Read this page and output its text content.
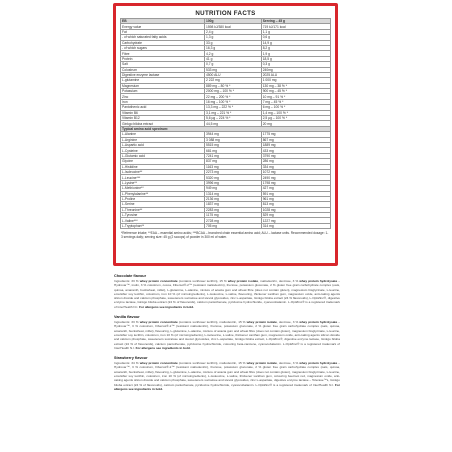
NUTRITION FACTS
ЕВ	100g	Serving – 45 g
Energy value	1598 kJ/380 kcal	719 kJ/171 kcal
Fat	2,4 g	1,1 g
- of which saturated fatty acids	1,3 g	0,6 g
Carbohydrate	33 g	14,9 g
- of which sugars	16,3 g	8,2 g
Fibre	4,2 g	1,9 g
Protein	41 g	18,5 g
Salt	0,7 g	0,3 g
Colostrum	533 mg	240mg
Digestive enzyme lactase	4500 ALU	2025 ALU
L-glutamine	2 222 mg	1 000 mg
Magnesium	889 mg – 80 % *	130 mg – 38 % *
Potassium	2000 mg – 100 % *	900 mg – 45 % *
Zinc	22 mg – 200 % *	10 mg – 91 % *
Iron	16 mg – 100 % *	7 mg – 45 % *
Pantothenic acid	13,3 mg – 222 % *	6 mg – 100 % *
Vitamin B6	3,1 mg – 221 % *	1,4 mg – 100 % *
Vitamin B12	5,6 µg – 224 % *	2,5 µg – 100 % *
Ginkgo biloba extract	44,5 mg	20 mg
Typical amino acid spectrum:		
L-Alanine	3944 mg	1775 mg
L-Arginine	3 088 mg	867 mg
L-Aspartic acid	5515 mg	1889 mg
L-Cysteine	681 mg	433 mg
L-Glutamic acid	7241 mg	3790 mg
Glycine	837 mg	286 mg
L-Histidine	1163 mg	334 mg
L-Isoleucine**	2273 mg	1072 mg
L-Leucine***	5320 mg	2490 mg
L-Lysine**	3996 mg	1798 mg
L-Methionine**	949 mg	427 mg
L-Phenylalanine**	1314 mg	591 mg
L-Proline	2136 mg	961 mg
L-Serine	1837 mg	813 mg
L-Threonine**	2283 mg	1028 mg
L-Tyrosine	1175 mg	529 mg
L-Valine***	2728 mg	1227 mg
L-Tryptophan**	705 mg	314 mg
*Reference intake; **EAA – essential amino acids; ***BCAA – branched chain essential amino acid; ALU – lactase units. Recommended dosage: 1-3 servings daily; serving size: 45 g (2 scoops) of powder in 300 ml of water.
Chocolate flavour
Ingredients: 33 % whey protein concentrate (contains sunflower lecithin), 15 % whey protein isolate, maltodextrin, dextrose, 3 % whey protein hydrolysate – Hydrovar™, inulin, 3 % colostrum, cocoa, Fibersol®-2™ (resistant maltodextrin), fructose, potassium gluconate, 2 % gluten free grain carbohydrate complex (oats, quinoa, amaranth, buckwheat, millet), L-glutamine, L-alanine, mixture of acacia gum and wheat fibre (does not contain gluten), magnesium bisglycinate, L-leucine, emulsifier soy lecithin, colostrum, iron 10 % (of microingredients), L-isoleucine, L-valine, flavouring, thickener xanthan gum, magnesium oxide, anti-caking agents silicon dioxide and calcium phosphate, sweeteners sucralose and steviol glycosides, zinc L-aspartate, Ginkgo biloba extract (24 % flavonoids), L-OptiZinc®, digestive enzyme lactase, Ginkgo biloba extract (24 % of flavonoids), calcium pantothenate, pyridoxine hydrochloride, cyanocobalamin. L-OptiZinc® is a registered trademark of InterHealth N.I. For allergens see ingredients in bold.
Vanilla flavour
Ingredients: 33 % whey protein concentrate (contains sunflower lecithin), maltodextrin, 15 % whey protein isolate, dextrose, 3 % whey protein hydrolysate – Hydrovar™, 3 % colostrum, Fibersol®-2™ (resistant maltodextrin), fructose, potassium gluconate, 2 % gluten free grain carbohydrate complex (oats, quinoa, amaranth, buckwheat, millet), flavouring, L-glutamine, L-alanine, mixture of acacia gum and wheat fibre (does not contain gluten), magnesium bisglycinate, L-leucine, emulsifier soy lecithin, colostrum, iron 10 % (of microingredients), L-isoleucine, L-valine, thickener xanthan gum, magnesium oxide, anti-caking agents silicon dioxide and calcium phosphate, sweeteners sucralose and steviol glycosides, zinc L-aspartate, Ginkgo biloba extract, L-OptiZinc®, digestive enzyme lactase, Ginkgo biloba extract (24 % of flavonoids), calcium pantothenate, pyridoxine hydrochloride, colouring beta-carotene, cyanocobalamin. L-OptiZinc® is a registered trademark of InterHealth N.I. For allergens see ingredients in bold.
Strawberry flavour
Ingredients: 34 % whey protein concentrate (contains sunflower lecithin), maltodextrin, 15 % whey protein isolate, dextrose, 3 % whey protein hydrolysate – Hydrovar™, 3 % colostrum, Fibersol®-2™ (resistant maltodextrin), fructose, potassium gluconate, 2 % gluten free grain carbohydrate complex (oats, quinoa, amaranth, buckwheat, millet), flavouring, L-glutamine, L-alanine, mixture of acacia gum and wheat fibre (does not contain gluten), magnesium bisglycinate, L-leucine, emulsifier soy lecithin, colostrum, iron 10 % (of microingredients), L-isoleucine, L-valine, thickener xanthan gum, colouring beetroot red, magnesium oxide, anti-caking agents silicon dioxide and calcium phosphate, sweeteners sucralose and steviol glycosides, zinc L-aspartate, digestive enzyme lactase – Tolerase™L, Ginkgo biloba extract (24 % of flavonoids), calcium pantothenate, pyridoxine hydrochloride, cyanocobalamin. L-OptiZinc® is a registered trademark of InterHealth N.I. For allergens see ingredients in bold.
